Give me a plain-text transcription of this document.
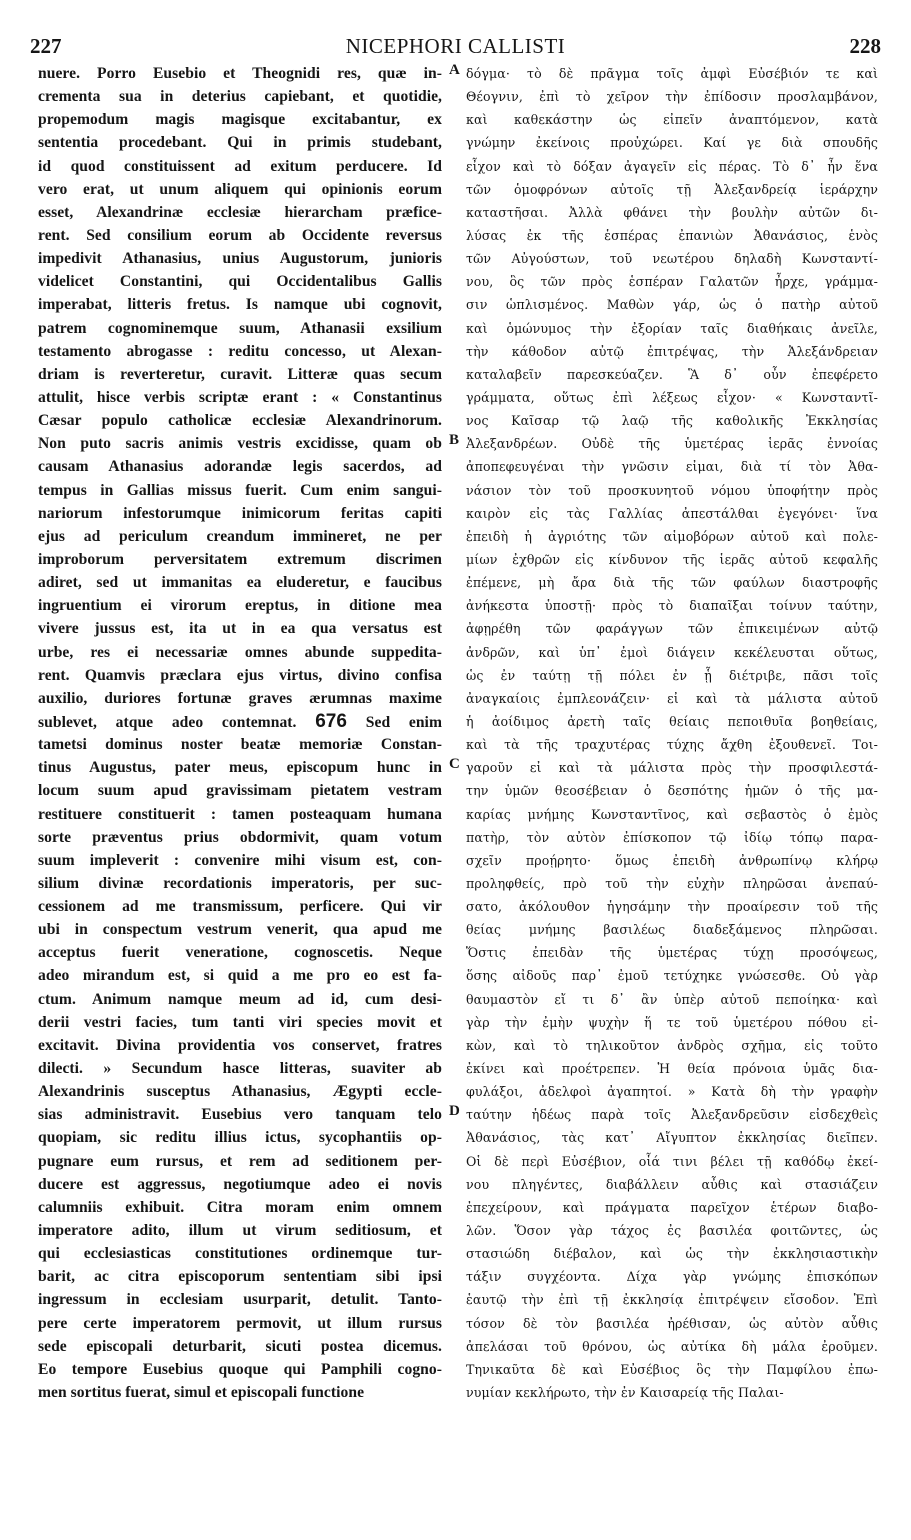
227	NICEPHORI CALLISTI	228
nuere. Porro Eusebio et Theognidi res, quæ in-
crementa sua in deterius capiebant, et quotidie,
propemodum magis magisque excitabantur, ex
sententia procedebant. Qui in primis studebant,
id quod constituissent ad exitum perducere. Id
vero erat, ut unum aliquem qui opinionis eorum
esset, Alexandrinæ ecclesiæ hierarcham præfice-
rent. Sed consilium eorum ab Occidente reversus
impedivit Athanasius, unius Augustorum, junioris
videlicet Constantini, qui Occidentalibus Gallis
imperabat, litteris fretus. Is namque ubi cognovit,
patrem cognominemque suum, Athanasii exsilium
testamento abrogasse : reditu concesso, ut Alexan-
driam is reverteretur, curavit. Litteræ quas secum
attulit, hisce verbis scriptæ erant : « Constantinus
Cæsar populo catholicæ ecclesiæ Alexandrinorum.
Non puto sacris animis vestris excidisse, quam ob
causam Athanasius adorandæ legis sacerdos, ad
tempus in Gallias missus fuerit. Cum enim sangui-
nariorum infestorumque inimicorum feritas capiti
ejus ad periculum creandum immineret, ne per
improborum perversitatem extremum discrimen
adiret, sed ut immanitas ea eluderetur, e faucibus
ingruentium ei virorum ereptus, in ditione mea
vivere jussus est, ita ut in ea qua versatus est
urbe, res ei necessariæ omnes abunde suppedita-
rent. Quamvis præclara ejus virtus, divino confisa
auxilio, duriores fortunæ graves ærumnas maxime
sublevet, atque adeo contemnat. 676 Sed enim
tametsi dominus noster beatæ memoriæ Constan-
tinus Augustus, pater meus, episcopum hunc in
locum suum apud gravissimam pietatem vestram
restituere constituerit : tamen posteaquam humana
sorte præventus prius obdormivit, quam votum
suum impleverit : convenire mihi visum est, con-
silium divinæ recordationis imperatoris, per suc-
cessionem ad me transmissum, perficere. Qui vir
ubi in conspectum vestrum venerit, qua apud me
acceptus fuerit veneratione, cognoscetis. Neque
adeo mirandum est, si quid a me pro eo est fa-
ctum. Animum namque meum ad id, cum desi-
derii vestri facies, tum tanti viri species movit et
excitavit. Divina providentia vos conservet, fratres
dilecti. » Secundum hasce litteras, suaviter ab
Alexandrinis susceptus Athanasius, Ægypti eccle-
sias administravit. Eusebius vero tanquam telo
quopiam, sic reditu illius ictus, sycophantiis op-
pugnare eum rursus, et rem ad seditionem per-
ducere est aggressus, negotiumque adeo ei novis
calumniis exhibuit. Citra moram enim omnem
imperatore adito, illum ut virum seditiosum, et
qui ecclesiasticas constitutiones ordinemque tur-
barit, ac citra episcoporum sententiam sibi ipsi
ingressum in ecclesiam usurparit, detulit. Tanto-
pere certe imperatorem permovit, ut illum rursus
sede episcopali deturbarit, sicuti postea dicemus.
Eo tempore Eusebius quoque qui Pamphili cogno-
men sortitus fuerat, simul et episcopali functione
δόγμα· τὸ δὲ πρᾶγμα τοῖς ἀμφὶ Εὐσέβιόν τε καὶ
Θέογνιν, ἐπὶ τὸ χεῖρον τὴν ἐπίδοσιν προσλαμβάνον,
καὶ καθεκάστην ὡς εἰπεῖν ἀναπτόμενον, κατὰ
γνώμην ἐκείνοις προὐχώρει. Καί γε διὰ σπουδῆς
εἶχον καὶ τὸ δόξαν ἀγαγεῖν εἰς πέρας. Τὸ δ᾽ ἦν ἕνα
τῶν ὁμοφρόνων αὐτοῖς τῇ Ἀλεξανδρείᾳ ἱεράρχην
καταστῆσαι. Ἀλλὰ φθάνει τὴν βουλὴν αὐτῶν δι-
λύσας ἐκ τῆς ἑσπέρας ἐπανιὼν Ἀθανάσιος, ἑνὸς
τῶν Αὐγούστων, τοῦ νεωτέρου δηλαδὴ Κωνσταντί-
νου, ὃς τῶν πρὸς ἑσπέραν Γαλατῶν ἦρχε, γράμμα-
σιν ὡπλισμένος. Μαθὼν γάρ, ὡς ὁ πατὴρ αὐτοῦ
καὶ ὁμώνυμος τὴν ἐξορίαν ταῖς διαθήκαις ἀνεῖλε,
τὴν κάθοδον αὐτῷ ἐπιτρέψας, τὴν Ἀλεξάνδρειαν
καταλαβεῖν παρεσκεύαζεν. Ἃ δ᾽ οὖν ἐπεφέρετο
γράμματα, οὕτως ἐπὶ λέξεως εἶχον· « Κωνσταντῖ-
νος Καῖσαρ τῷ λαῷ τῆς καθολικῆς Ἐκκλησίας
Ἀλεξανδρέων. Οὐδὲ τῆς ὑμετέρας ἱερᾶς ἐννοίας
ἀποπεφευγέναι τὴν γνῶσιν εἰμαι, διὰ τί τὸν Ἀθα-
νάσιον τὸν τοῦ προσκυνητοῦ νόμου ὑποφήτην πρὸς
καιρὸν εἰς τὰς Γαλλίας ἀπεστάλθαι ἐγεγόνει· ἵνα
ἐπειδὴ ἡ ἀγριότης τῶν αἱμοβόρων αὐτοῦ καὶ πολε-
μίων ἐχθρῶν εἰς κίνδυνον τῆς ἱερᾶς αὐτοῦ κεφαλῆς
ἐπέμενε, μὴ ἄρα διὰ τῆς τῶν φαύλων διαστροφῆς
ἀνήκεστα ὑποστῇ· πρὸς τὸ διαπαῖξαι τοίνυν ταύτην,
ἀφῃρέθη τῶν φαράγγων τῶν ἐπικειμένων αὐτῷ
ἀνδρῶν, καὶ ὑπ᾽ ἐμοὶ διάγειν κεκέλευσται οὕτως,
ὡς ἐν ταύτῃ τῇ πόλει ἐν ᾗ διέτριβε, πᾶσι τοῖς
ἀναγκαίοις ἐμπλεονάζειν· εἰ καὶ τὰ μάλιστα αὐτοῦ
ἡ ἀοίδιμος ἀρετὴ ταῖς θείαις πεποιθυῖα βοηθείαις,
καὶ τὰ τῆς τραχυτέρας τύχης ἄχθη ἐξουθενεῖ. Τοι-
γαροῦν εἰ καὶ τὰ μάλιστα πρὸς τὴν προσφιλεστά-
την ὑμῶν θεοσέβειαν ὁ δεσπότης ἡμῶν ὁ τῆς μα-
καρίας μνήμης Κωνσταντῖνος, καὶ σεβαστὸς ὁ ἐμὸς
πατὴρ, τὸν αὐτὸν ἐπίσκοπον τῷ ἰδίῳ τόπῳ παρα-
σχεῖν προῄρητο· ὅμως ἐπειδὴ ἀνθρωπίνῳ κλήρῳ
προληφθείς, πρὸ τοῦ τὴν εὐχὴν πληρῶσαι ἀνεπαύ-
σατο, ἀκόλουθον ἡγησάμην τὴν προαίρεσιν τοῦ τῆς
θείας μνήμης βασιλέως διαδεξάμενος πληρῶσαι.
Ὅστις ἐπειδὰν τῆς ὑμετέρας τύχῃ προσόψεως,
ὅσης αἰδοῦς παρ᾽ ἐμοῦ τετύχηκε γνώσεσθε. Οὐ γὰρ
θαυμαστὸν εἴ τι δ᾽ ἂν ὑπὲρ αὐτοῦ πεποίηκα· καὶ
γὰρ τὴν ἐμὴν ψυχὴν ἥ τε τοῦ ὑμετέρου πόθου εἰ-
κὼν, καὶ τὸ τηλικοῦτον ἀνδρὸς σχῆμα, εἰς τοῦτο
ἐκίνει καὶ προέτρεπεν. Ἡ θεία πρόνοια ὑμᾶς δια-
φυλάξοι, ἀδελφοὶ ἀγαπητοί. » Κατὰ δὴ τὴν γραφὴν
ταύτην ἡδέως παρὰ τοῖς Ἀλεξανδρεῦσιν εἰσδεχθεὶς
Ἀθανάσιος, τὰς κατ᾽ Αἴγυπτον ἐκκλησίας διεῖπεν.
Οἱ δὲ περὶ Εὐσέβιον, οἷά τινι βέλει τῇ καθόδῳ ἐκεί-
νου πληγέντες, διαβάλλειν αὖθις καὶ στασιάζειν
ἐπεχείρουν, καὶ πράγματα παρεῖχον ἑτέρων διαβο-
λῶν. Ὅσον γὰρ τάχος ἐς βασιλέα φοιτῶντες, ὡς
στασιώδη διέβαλον, καὶ ὡς τὴν ἐκκλησιαστικὴν
τάξιν συγχέοντα. Δίχα γὰρ γνώμης ἐπισκόπων
ἑαυτῷ τὴν ἐπὶ τῇ ἐκκλησίᾳ ἐπιτρέψειν εἴσοδον. Ἐπὶ
τόσον δὲ τὸν βασιλέα ἠρέθισαν, ὡς αὐτὸν αὖθις
ἀπελάσαι τοῦ θρόνου, ὡς αὐτίκα δὴ μάλα ἐροῦμεν.
Τηνικαῦτα δὲ καὶ Εὐσέβιος ὃς τὴν Παμφίλου ἐπω-
νυμίαν κεκλήρωτο, τὴν ἐν Καισαρείᾳ τῆς Παλαι-
A
B
C
D
